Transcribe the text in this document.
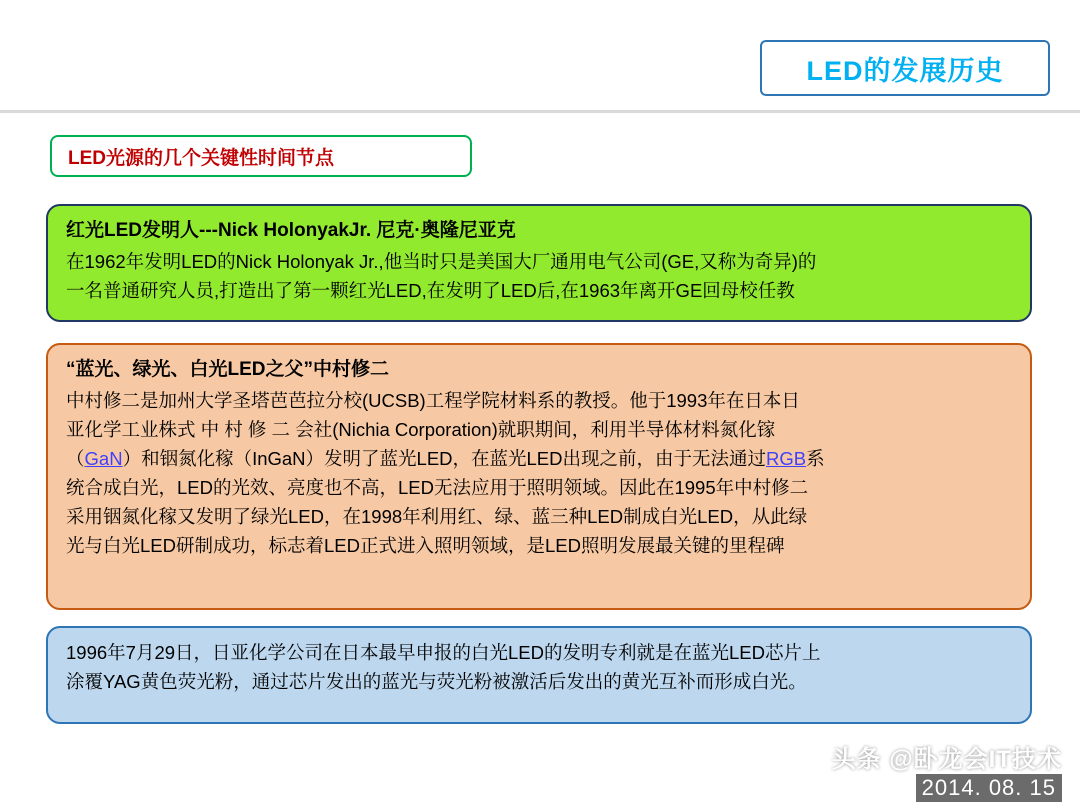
LED的发展历史
LED光源的几个关键性时间节点

红光LED发明人---Nick HolonyakJr. 尼克·奥隆尼亚克

在1962年发明LED的Nick Holonyak Jr.,他当时只是美国大厂通用电气公司(GE,又称为奇异)的

一名普通研究人员,打造出了第一颗红光LED,在发明了LED后,在1963年离开GE回母校任教

“蓝光、绿光、白光LED之父”中村修二

中村修二是加州大学圣塔芭芭拉分校(UCSB)工程学院材料系的教授。他于1993年在日本日

亚化学工业株式 中 村 修 二 会社(Nichia Corporation)就职期间，利用半导体材料氮化镓

（GaN）和铟氮化稼（InGaN）发明了蓝光LED，在蓝光LED出现之前，由于无法通过RGB系

统合成白光，LED的光效、亮度也不高，LED无法应用于照明领域。因此在1995年中村修二

采用铟氮化稼又发明了绿光LED，在1998年利用红、绿、蓝三种LED制成白光LED，从此绿

光与白光LED研制成功，标志着LED正式进入照明领域，是LED照明发展最关键的里程碑

1996年7月29日，日亚化学公司在日本最早申报的白光LED的发明专利就是在蓝光LED芯片上

涂覆YAG黄色荧光粉，通过芯片发出的蓝光与荧光粉被激活后发出的黄光互补而形成白光。

头条 @卧龙会IT技术
2014. 08. 15
